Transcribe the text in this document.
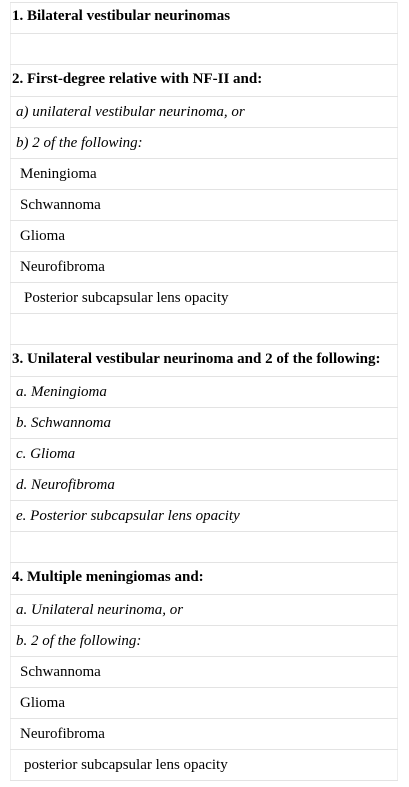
1. Bilateral vestibular neurinomas

2. First-degree relative with NF-II and:
a) unilateral vestibular neurinoma, or
b) 2 of the following:
Meningioma
Schwannoma
Glioma
Neurofibroma
Posterior subcapsular lens opacity

3. Unilateral vestibular neurinoma and 2 of the following:
a. Meningioma
b. Schwannoma
c. Glioma
d. Neurofibroma
e. Posterior subcapsular lens opacity

4. Multiple meningiomas and:
a. Unilateral neurinoma, or
b. 2 of the following:
Schwannoma
Glioma
Neurofibroma
posterior subcapsular lens opacity
